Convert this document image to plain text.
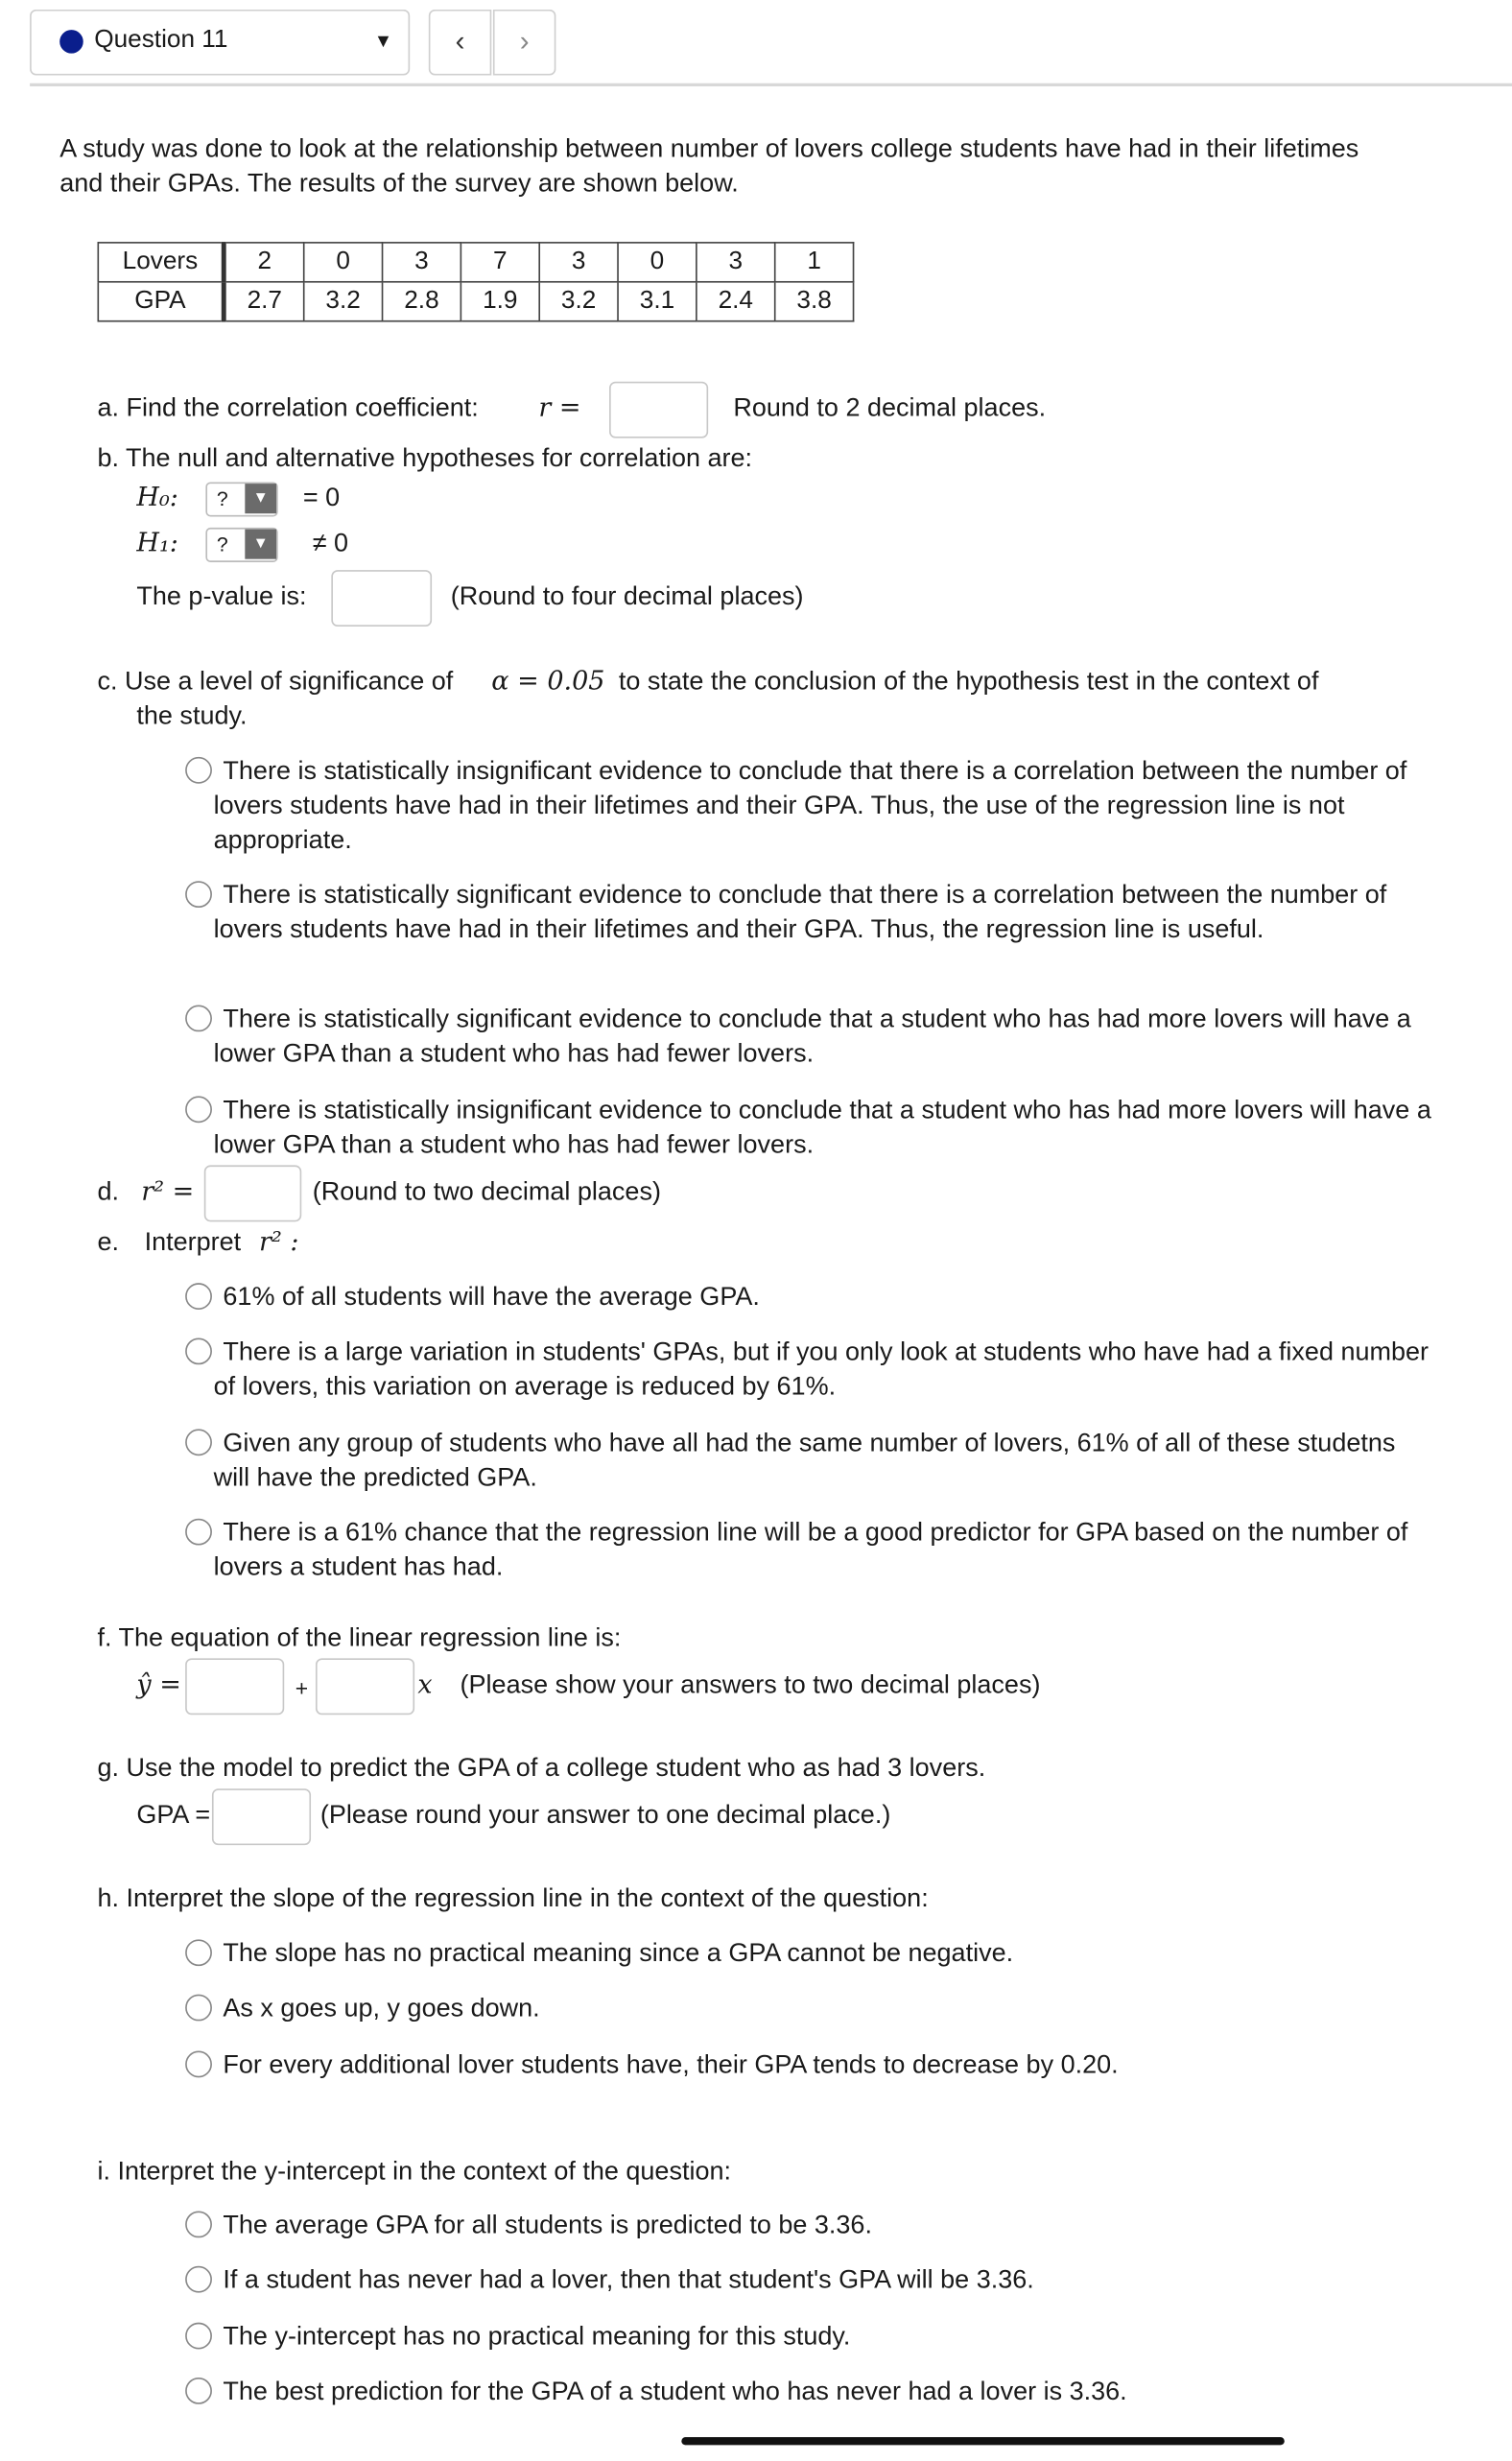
Question 11	▼	‹	›
A study was done to look at the relationship between number of lovers college students have had in their lifetimes and their GPAs. The results of the survey are shown below.
Lovers	2	0	3	7	3	0	3	1
GPA	2.7	3.2	2.8	1.9	3.2	3.1	2.4	3.8
a. Find the correlation coefficient:	r =	Round to 2 decimal places.
b. The null and alternative hypotheses for correlation are:
H₀:	?	▼	= 0
H₁:	?	▼	≠ 0
The p-value is:	(Round to four decimal places)
c. Use a level of significance of α = 0.05 to state the conclusion of the hypothesis test in the context of
the study.
There is statistically insignificant evidence to conclude that there is a correlation between the number of lovers students have had in their lifetimes and their GPA. Thus, the use of the regression line is not appropriate.
There is statistically significant evidence to conclude that there is a correlation between the number of lovers students have had in their lifetimes and their GPA. Thus, the regression line is useful.
There is statistically significant evidence to conclude that a student who has had more lovers will have a lower GPA than a student who has had fewer lovers.
There is statistically insignificant evidence to conclude that a student who has had more lovers will have a lower GPA than a student who has had fewer lovers.
d. r² =	(Round to two decimal places)
e. Interpret r² :
61% of all students will have the average GPA.
There is a large variation in students' GPAs, but if you only look at students who have had a fixed number of lovers, this variation on average is reduced by 61%.
Given any group of students who have all had the same number of lovers, 61% of all of these studetns will have the predicted GPA.
There is a 61% chance that the regression line will be a good predictor for GPA based on the number of lovers a student has had.
f. The equation of the linear regression line is:
ŷ =	+	x (Please show your answers to two decimal places)
g. Use the model to predict the GPA of a college student who as had 3 lovers.
GPA =	(Please round your answer to one decimal place.)
h. Interpret the slope of the regression line in the context of the question:
The slope has no practical meaning since a GPA cannot be negative.
As x goes up, y goes down.
For every additional lover students have, their GPA tends to decrease by 0.20.
i. Interpret the y-intercept in the context of the question:
The average GPA for all students is predicted to be 3.36.
If a student has never had a lover, then that student's GPA will be 3.36.
The y-intercept has no practical meaning for this study.
The best prediction for the GPA of a student who has never had a lover is 3.36.
